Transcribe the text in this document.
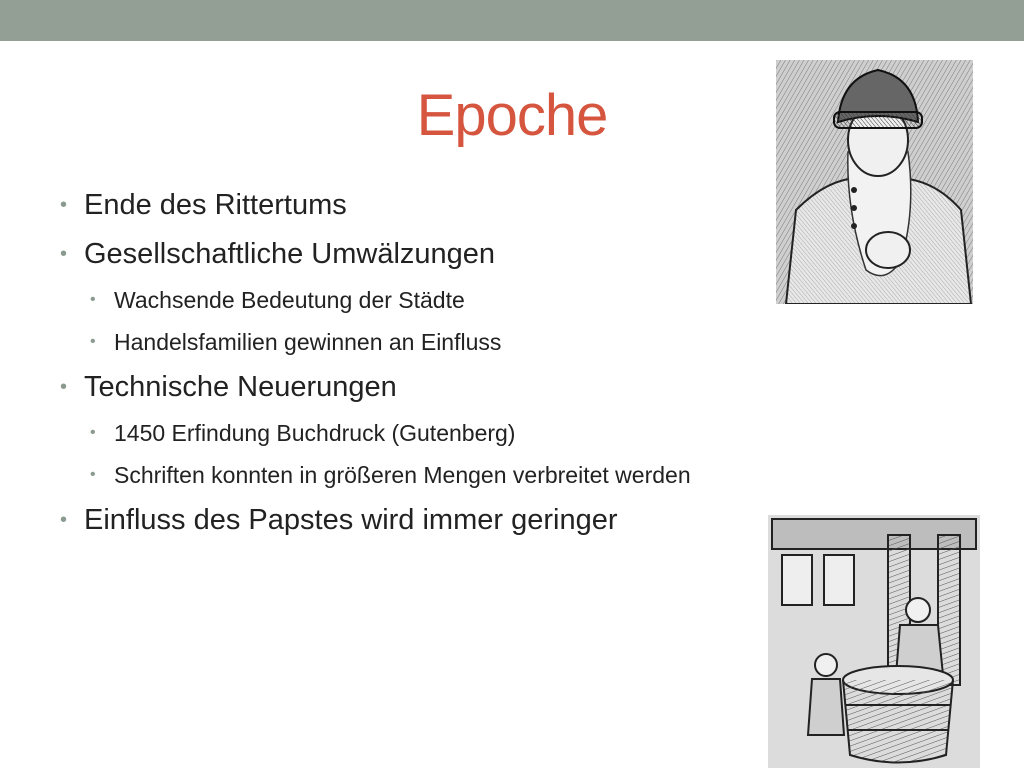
Epoche
• Ende des Rittertums
• Gesellschaftliche Umwälzungen
• Wachsende Bedeutung der Städte
• Handelsfamilien gewinnen an Einfluss
• Technische Neuerungen
• 1450 Erfindung Buchdruck (Gutenberg)
• Schriften konnten in größeren Mengen verbreitet werden
• Einfluss des Papstes wird immer geringer
